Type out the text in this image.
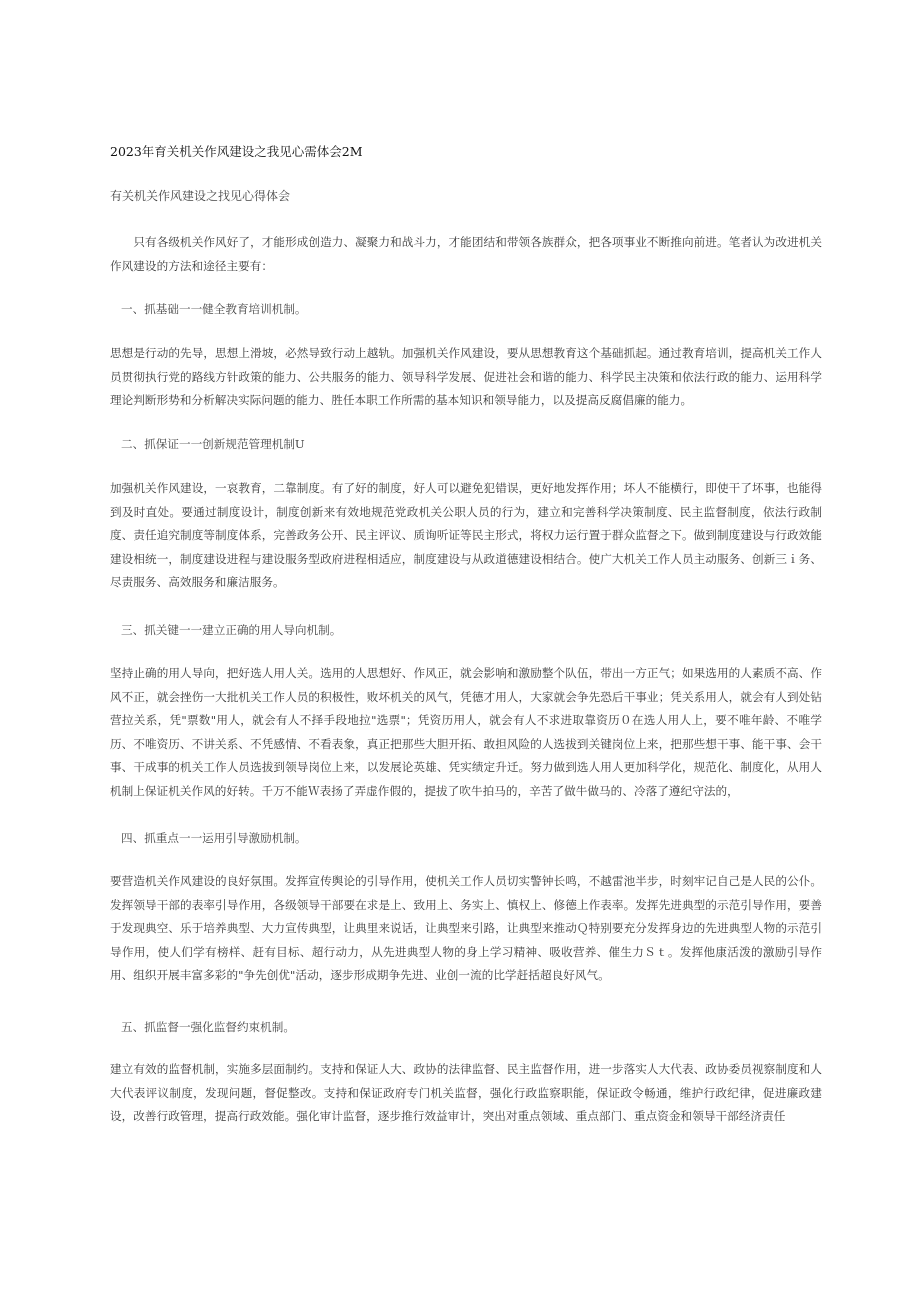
2023年育关机关作风建设之我见心需体会2M
有关机关作风建设之找见心得体会

　　只有各级机关作风好了，才能形成创造力、凝聚力和战斗力，才能团结和带领各族群众，把各项事业不断推向前进。笔者认为改进机关作风建设的方法和途径主要有：

一、抓基础一一健全教育培训机制。

思想是行动的先导，思想上滑坡，必然导致行动上越轨。加强机关作风建设，要从思想教育这个基础抓起。通过教育培训，提高机关工作人员贯彻执行党的路线方针政策的能力、公共服务的能力、领导科学发展、促进社会和谐的能力、科学民主决策和依法行政的能力、运用科学理论判断形势和分析解决实际问题的能力、胜任本职工作所需的基本知识和领导能力，以及提高反腐倡廉的能力。

二、抓保证一一创新规范管理机制U

加强机关作风建设，一哀教育，二靠制度。有了好的制度，好人可以避免犯错误，更好地发挥作用；坏人不能横行，即使干了坏事，也能得到及时直处。要通过制度设计，制度创新来有效地规范党政机关公职人员的行为，建立和完善科学决策制度、民主监督制度，依法行政制度、责任追究制度等制度体系，完善政务公开、民主评议、质询听证等民主形式，将权力运行置于群众监督之下。做到制度建设与行政效能建设相统一，制度建设进程与建设服务型政府进程相适应，制度建设与从政道德建设相结合。使广大机关工作人员主动服务、创新三ｉ务、尽责服务、高效服务和廉洁服务。

三、抓关键一一建立正确的用人导向机制。

坚持止确的用人导向，把好选人用人关。选用的人思想好、作风正，就会影响和激励整个队伍，带出一方正气；如果选用的人素质不高、作风不正，就会挫伤一大批机关工作人员的积极性，败坏机关的风气，凭德才用人，大家就会争先恐后干事业；凭关系用人，就会有人到处钻营拉关系，凭"票数"用人，就会有人不择手段地拉"选票"；凭资历用人，就会有人不求进取靠资历０在选人用人上，要不唯年龄、不唯学历、不唯资历、不讲关系、不凭感情、不看表象，真正把那些大胆开拓、敢担风险的人选拔到关键岗位上来，把那些想干事、能干事、会干事、干成事的机关工作人员选拔到领导岗位上来，以发展论英雄、凭实绩定升迁。努力做到选人用人更加科学化，规范化、制度化，从用人机制上保证机关作风的好转。千万不能Ｗ表扬了弄虚作假的，提拔了吹牛拍马的，辛苦了做牛做马的、冷落了遵纪守法的，

四、抓重点一一运用引导激励机制。

要营造机关作风建设的良好氛围。发挥宣传舆论的引导作用，使机关工作人员切实警钟长鸣，不越雷池半步，时刻牢记自己是人民的公仆。发挥领导干部的表率引导作用，各级领导干部要在求是上、致用上、务实上、慎权上、修德上作表率。发挥先进典型的示范引导作用，要善于发现典空、乐于培养典型、大力宣传典型，让典里来说话，让典型来引路，让典型来推动Ｑ特别要充分发挥身边的先进典型人物的示范引导作用，使人们学有榜样、赶有目标、超行动力，从先进典型人物的身上学习精神、吸收营养、催生力Ｓｔ。发挥他康活泼的激励引导作用、组织开展丰富多彩的"争先创优"活动，逐步形成期争先进、业创一流的比学赶括超良好风气。

五、抓监督一强化监督约束机制。

建立有效的监督机制，实施多层面制约。支持和保证人大、政协的法律监督、民主监督作用，进一步落实人大代表、政协委员视察制度和人大代表评议制度，发现问题，督促整改。支持和保证政府专门机关监督，强化行政监察职能，保证政令畅通，维护行政纪律，促进廉政建设，改善行政管理，提高行政效能。强化审计监督，逐步推行效益审计，突出对重点领域、重点部门、重点资金和领导干部经济责任
